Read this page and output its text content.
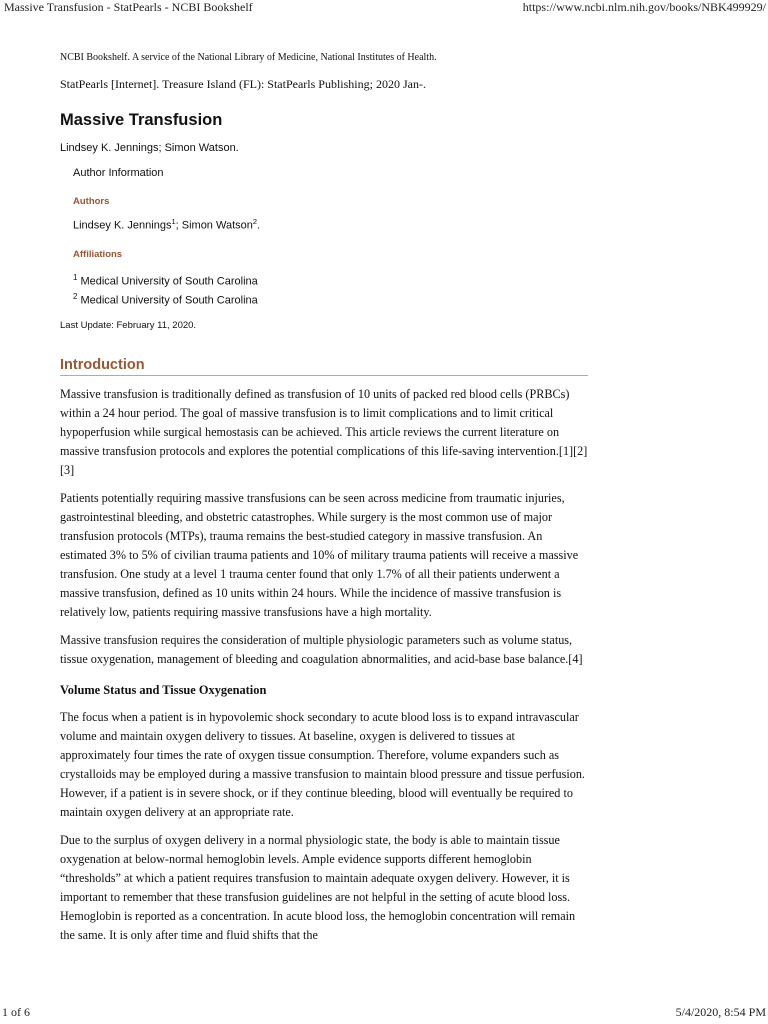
Massive Transfusion - StatPearls - NCBI Bookshelf	https://www.ncbi.nlm.nih.gov/books/NBK499929/

NCBI Bookshelf. A service of the National Library of Medicine, National Institutes of Health.

StatPearls [Internet]. Treasure Island (FL): StatPearls Publishing; 2020 Jan-.

Massive Transfusion

Lindsey K. Jennings; Simon Watson.

Author Information

Authors

Lindsey K. Jennings$^1$; Simon Watson$^2$.

Affiliations

$^1$ Medical University of South Carolina

$^2$ Medical University of South Carolina

Last Update: February 11, 2020.

Introduction

Massive transfusion is traditionally defined as transfusion of 10 units of packed red blood cells (PRBCs) within a 24 hour period. The goal of massive transfusion is to limit complications and to limit critical hypoperfusion while surgical hemostasis can be achieved. This article reviews the current literature on massive transfusion protocols and explores the potential complications of this life-saving intervention.[1][2][3]

Patients potentially requiring massive transfusions can be seen across medicine from traumatic injuries, gastrointestinal bleeding, and obstetric catastrophes. While surgery is the most common use of major transfusion protocols (MTPs), trauma remains the best-studied category in massive transfusion. An estimated 3% to 5% of civilian trauma patients and 10% of military trauma patients will receive a massive transfusion. One study at a level 1 trauma center found that only 1.7% of all their patients underwent a massive transfusion, defined as 10 units within 24 hours. While the incidence of massive transfusion is relatively low, patients requiring massive transfusions have a high mortality.

Massive transfusion requires the consideration of multiple physiologic parameters such as volume status, tissue oxygenation, management of bleeding and coagulation abnormalities, and acid-base base balance.[4]

Volume Status and Tissue Oxygenation

The focus when a patient is in hypovolemic shock secondary to acute blood loss is to expand intravascular volume and maintain oxygen delivery to tissues. At baseline, oxygen is delivered to tissues at approximately four times the rate of oxygen tissue consumption. Therefore, volume expanders such as crystalloids may be employed during a massive transfusion to maintain blood pressure and tissue perfusion. However, if a patient is in severe shock, or if they continue bleeding, blood will eventually be required to maintain oxygen delivery at an appropriate rate.

Due to the surplus of oxygen delivery in a normal physiologic state, the body is able to maintain tissue oxygenation at below-normal hemoglobin levels. Ample evidence supports different hemoglobin “thresholds” at which a patient requires transfusion to maintain adequate oxygen delivery. However, it is important to remember that these transfusion guidelines are not helpful in the setting of acute blood loss. Hemoglobin is reported as a concentration. In acute blood loss, the hemoglobin concentration will remain the same. It is only after time and fluid shifts that the

1 of 6	5/4/2020, 8:54 PM
